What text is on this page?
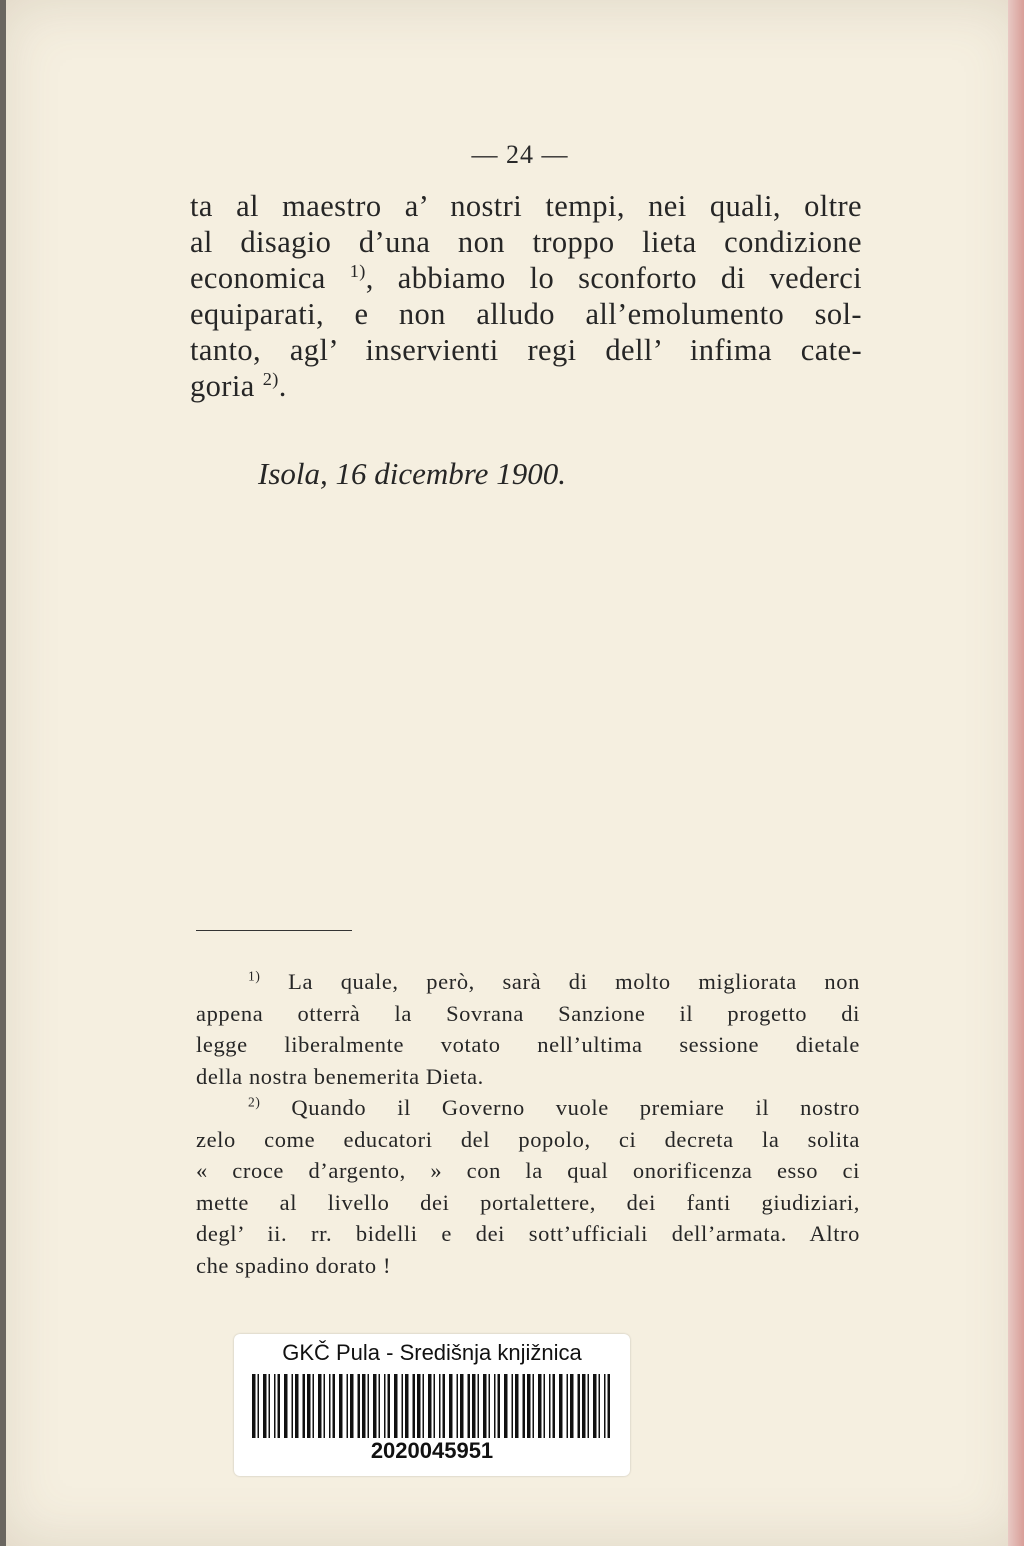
— 24 —

ta al maestro a’ nostri tempi, nei quali, oltre
al disagio d’una non troppo lieta condizione
economica $^{1)}$, abbiamo lo sconforto di vederci
equiparati, e non alludo all’emolumento sol-
tanto, agl’ inservienti regi dell’ infima cate-
goria $^{2)}$.

Isola, 16 dicembre 1900.

$^{1)}$ La quale, però, sarà di molto migliorata non
appena otterrà la Sovrana Sanzione il progetto di
legge liberalmente votato nell’ultima sessione dietale
della nostra benemerita Dieta.
$^{2)}$ Quando il Governo vuole premiare il nostro
zelo come educatori del popolo, ci decreta la solita
« croce d’argento, » con la qual onorificenza esso ci
mette al livello dei portalettere, dei fanti giudiziari,
degl’ ii. rr. bidelli e dei sott’ufficiali dell’armata. Altro
che spadino dorato !
GKČ Pula - Središnja knjižnica
2020045951
